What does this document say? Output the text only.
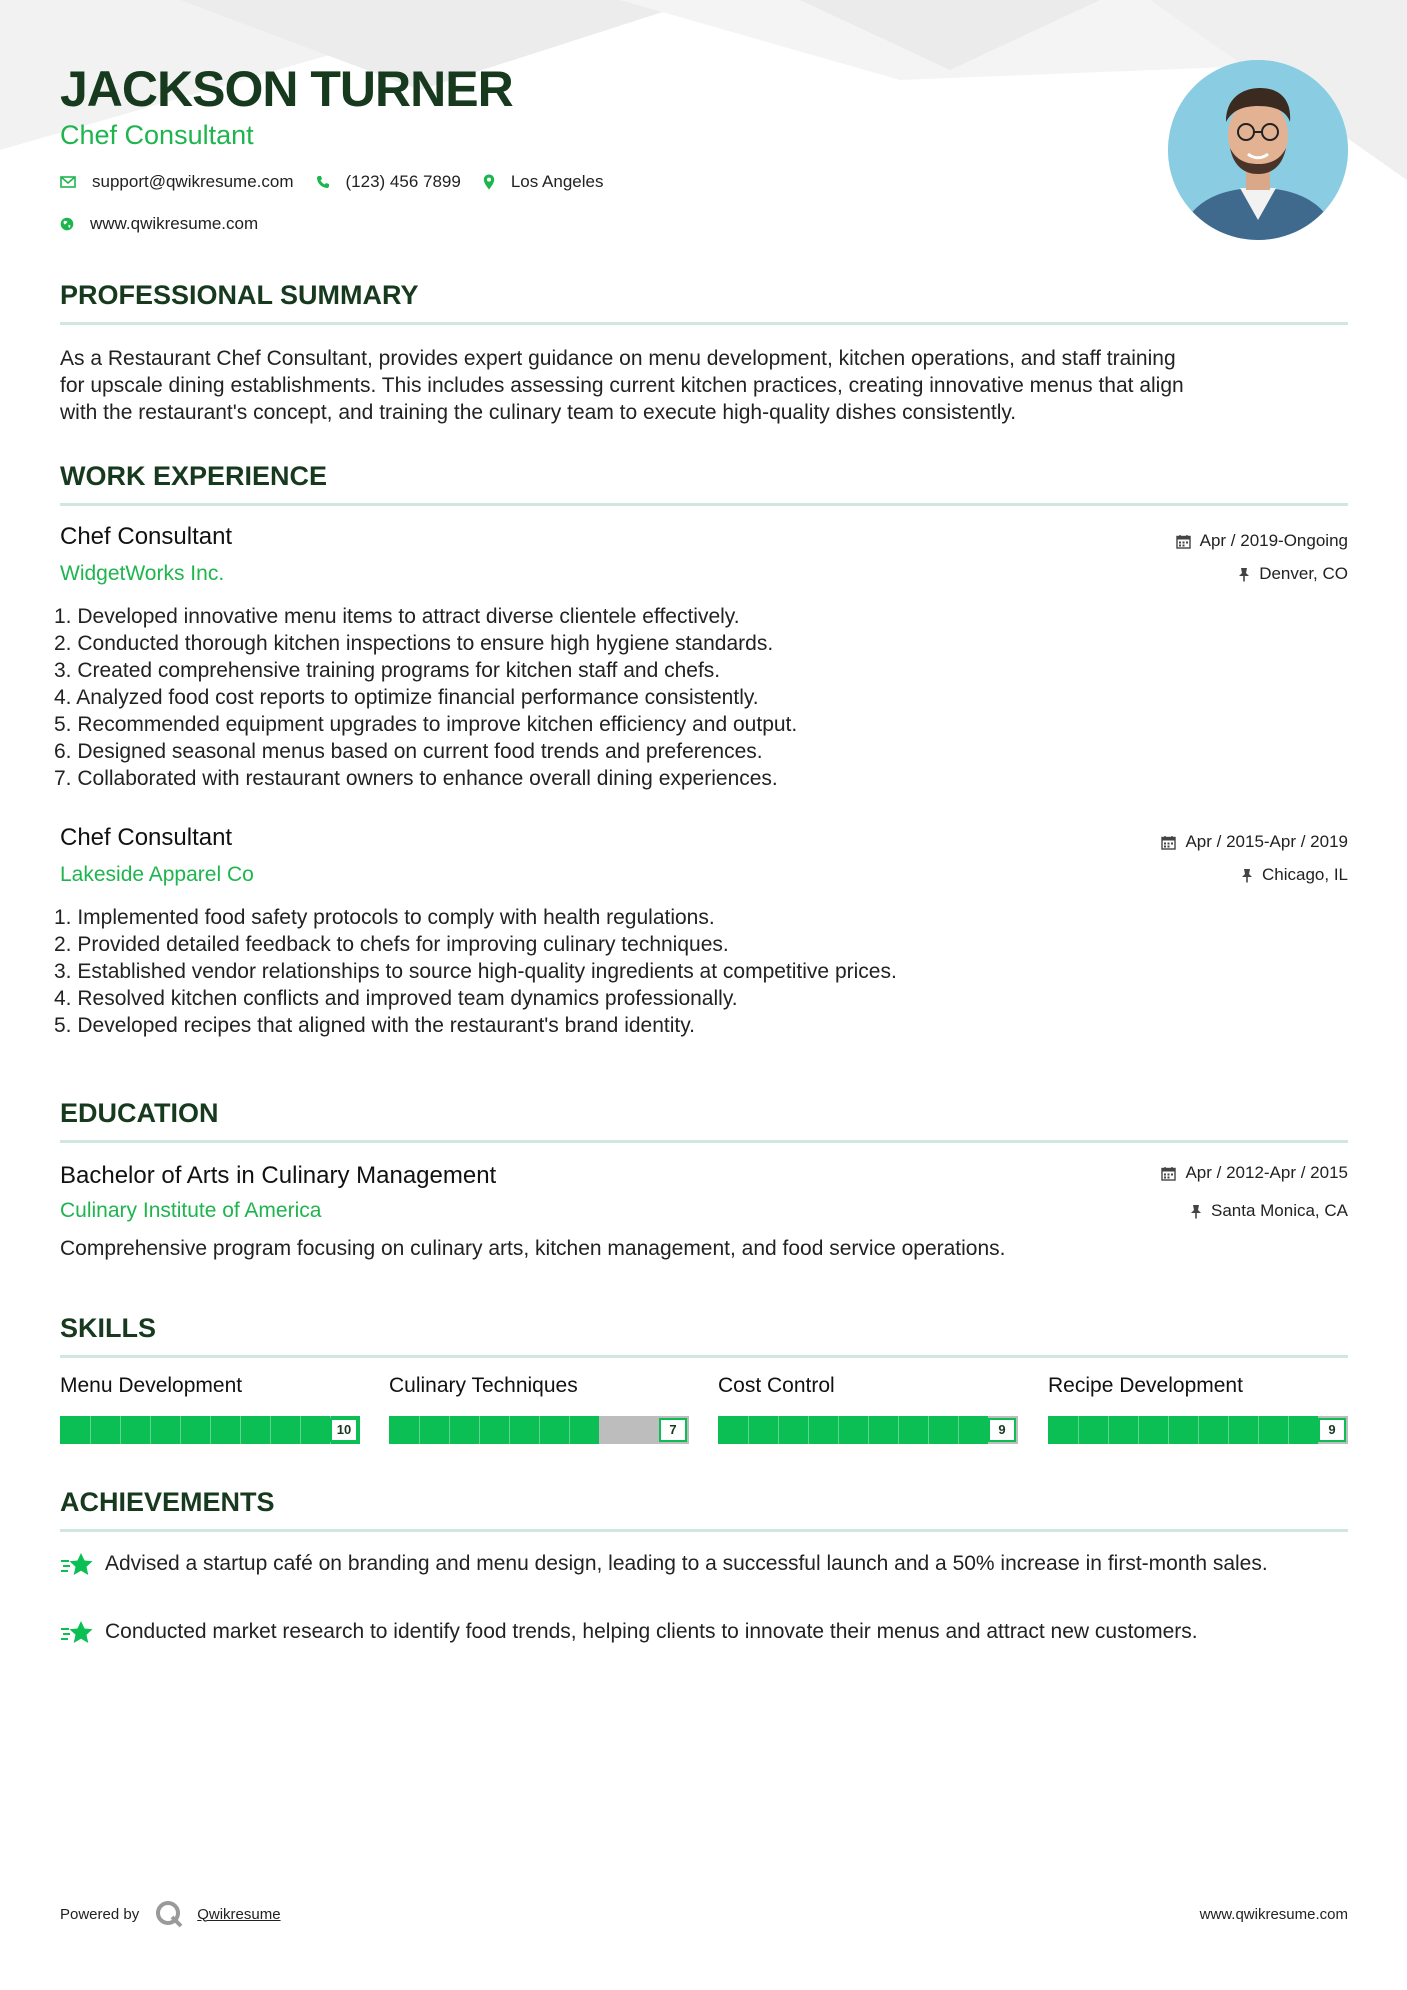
JACKSON TURNER
Chef Consultant
support@qwikresume.com	(123) 456 7899	Los Angeles
www.qwikresume.com
PROFESSIONAL SUMMARY
As a Restaurant Chef Consultant, provides expert guidance on menu development, kitchen operations, and staff training
for upscale dining establishments. This includes assessing current kitchen practices, creating innovative menus that align
with the restaurant's concept, and training the culinary team to execute high-quality dishes consistently.
WORK EXPERIENCE
Chef Consultant
WidgetWorks Inc.
Apr / 2019-Ongoing
Denver, CO
1. Developed innovative menu items to attract diverse clientele effectively.
2. Conducted thorough kitchen inspections to ensure high hygiene standards.
3. Created comprehensive training programs for kitchen staff and chefs.
4. Analyzed food cost reports to optimize financial performance consistently.
5. Recommended equipment upgrades to improve kitchen efficiency and output.
6. Designed seasonal menus based on current food trends and preferences.
7. Collaborated with restaurant owners to enhance overall dining experiences.
Chef Consultant
Lakeside Apparel Co
Apr / 2015-Apr / 2019
Chicago, IL
1. Implemented food safety protocols to comply with health regulations.
2. Provided detailed feedback to chefs for improving culinary techniques.
3. Established vendor relationships to source high-quality ingredients at competitive prices.
4. Resolved kitchen conflicts and improved team dynamics professionally.
5. Developed recipes that aligned with the restaurant's brand identity.
EDUCATION
Bachelor of Arts in Culinary Management
Culinary Institute of America
Apr / 2012-Apr / 2015
Santa Monica, CA
Comprehensive program focusing on culinary arts, kitchen management, and food service operations.
SKILLS
Menu Development
10
Culinary Techniques
7
Cost Control
9
Recipe Development
9
ACHIEVEMENTS
Advised a startup café on branding and menu design, leading to a successful launch and a 50% increase in first-month sales.
Conducted market research to identify food trends, helping clients to innovate their menus and attract new customers.
Powered by	Qwikresume	www.qwikresume.com
